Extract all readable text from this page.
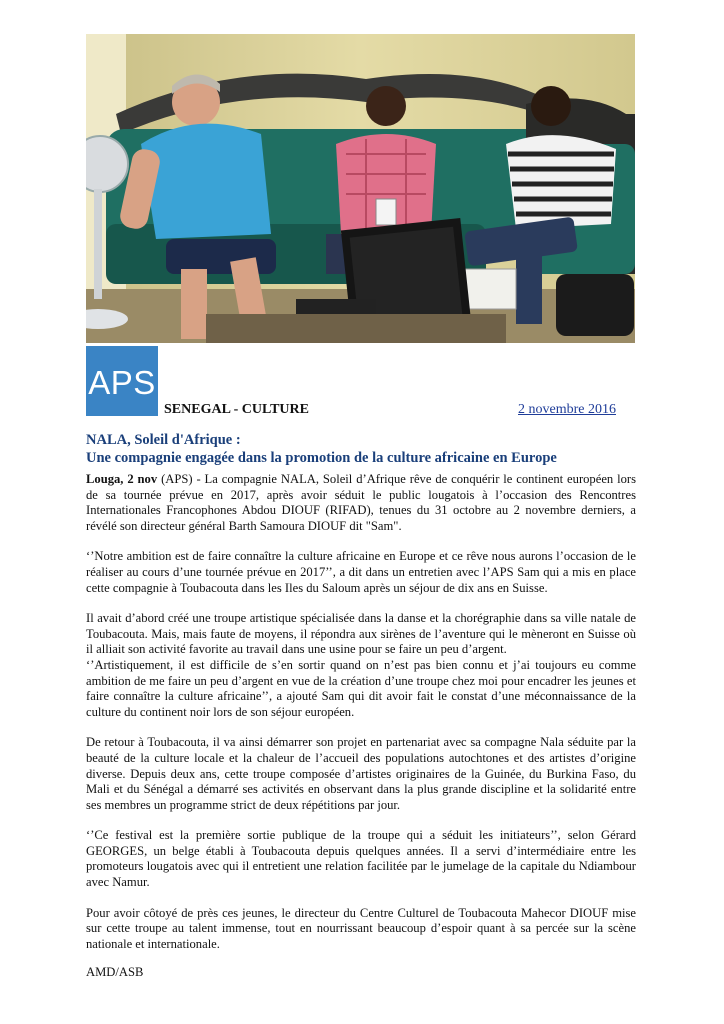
APS
SENEGAL - CULTURE	2 novembre 2016
NALA, Soleil d'Afrique :
Une compagnie engagée dans la promotion de la culture africaine en Europe

Louga, 2 nov (APS) - La compagnie NALA, Soleil d’Afrique rêve de conquérir le continent européen lors de sa tournée prévue en 2017, après avoir séduit le public lougatois à l’occasion des Rencontres Internationales Francophones Abdou DIOUF (RIFAD), tenues du 31 octobre au 2 novembre derniers, a révélé son directeur général Barth Samoura DIOUF dit "Sam".

‘’Notre ambition est de faire connaître la culture africaine en Europe et ce rêve nous aurons l’occasion de le réaliser au cours d’une tournée prévue en 2017’’, a dit dans un entretien avec l’APS Sam qui a mis en place cette compagnie à Toubacouta dans les Iles du Saloum après un séjour de dix ans en Suisse.

Il avait d’abord créé une troupe artistique spécialisée dans la danse et la chorégraphie dans sa ville natale de Toubacouta. Mais, mais faute de moyens, il répondra aux sirènes de l’aventure qui le mèneront en Suisse où il alliait son activité favorite au travail dans une usine pour se faire un peu d’argent.

‘’Artistiquement, il est difficile de s’en sortir quand on n’est pas bien connu et j’ai toujours eu comme ambition de me faire un peu d’argent en vue de la création d’une troupe chez moi pour encadrer les jeunes et faire connaître la culture africaine’’, a ajouté Sam qui dit avoir fait le constat d’une méconnaissance de la culture du continent noir lors de son séjour européen.

De retour à Toubacouta, il va ainsi démarrer son projet en partenariat avec sa compagne Nala séduite par la beauté de la culture locale et la chaleur de l’accueil des populations autochtones et des artistes d’origine diverse. Depuis deux ans, cette troupe composée d’artistes originaires de la Guinée, du Burkina Faso, du Mali et du Sénégal a démarré ses activités en observant dans la plus grande discipline et la solidarité entre ses membres un programme strict de deux répétitions par jour.

‘’Ce festival est la première sortie publique de la troupe qui a séduit les initiateurs’’, selon Gérard GEORGES, un belge établi à Toubacouta depuis quelques années. Il a servi d’intermédiaire entre les promoteurs lougatois avec qui il entretient une relation facilitée par le jumelage de la capitale du Ndiambour avec Namur.

Pour avoir côtoyé de près ces jeunes, le directeur du Centre Culturel de Toubacouta Mahecor DIOUF mise sur cette troupe au talent immense, tout en nourrissant beaucoup d’espoir quant à sa percée sur la scène nationale et internationale.

AMD/ASB
